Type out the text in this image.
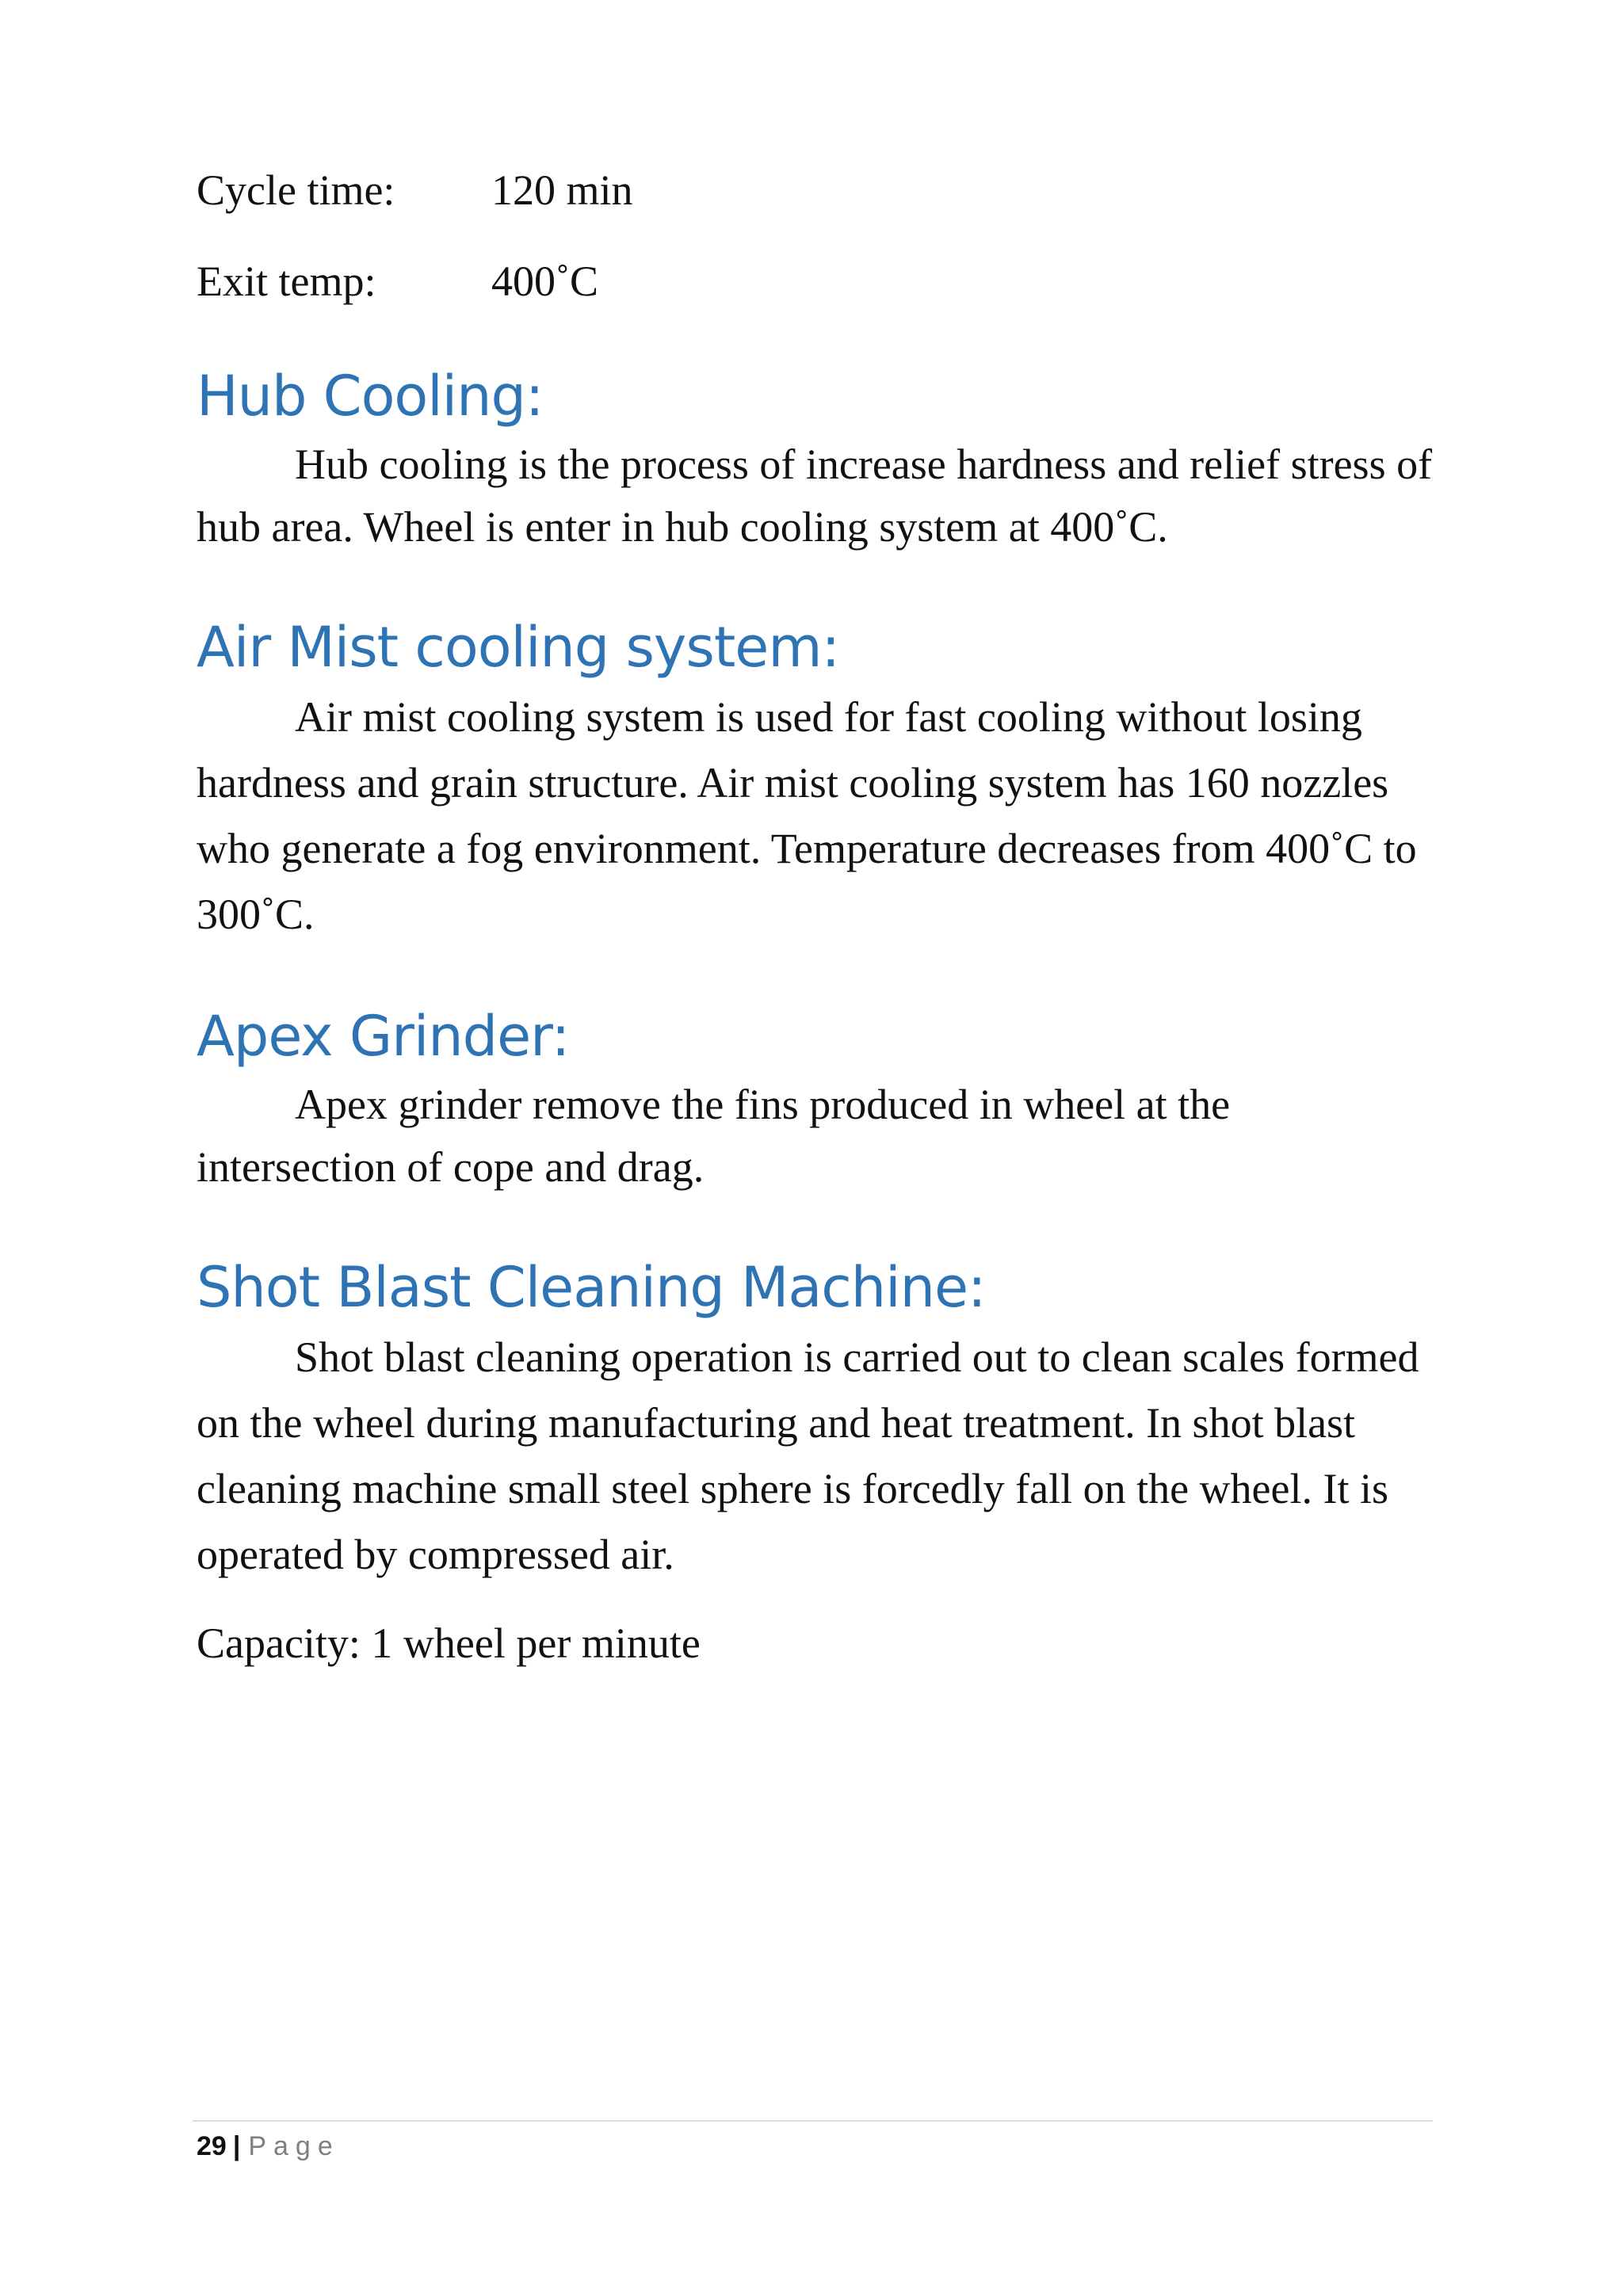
Cycle time:	120 min
Exit temp:	400˚C
Hub Cooling:

Hub cooling is the process of increase hardness and relief stress of hub area. Wheel is enter in hub cooling system at 400˚C.

Air Mist cooling system:

Air mist cooling system is used for fast cooling without losing hardness and grain structure. Air mist cooling system has 160 nozzles who generate a fog environment. Temperature decreases from 400˚C to 300˚C.

Apex Grinder:

Apex grinder remove the fins produced in wheel at the intersection of cope and drag.

Shot Blast Cleaning Machine:

Shot blast cleaning operation is carried out to clean scales formed on the wheel during manufacturing and heat treatment. In shot blast cleaning machine small steel sphere is forcedly fall on the wheel. It is operated by compressed air.

Capacity: 1 wheel per minute
29 | Page
